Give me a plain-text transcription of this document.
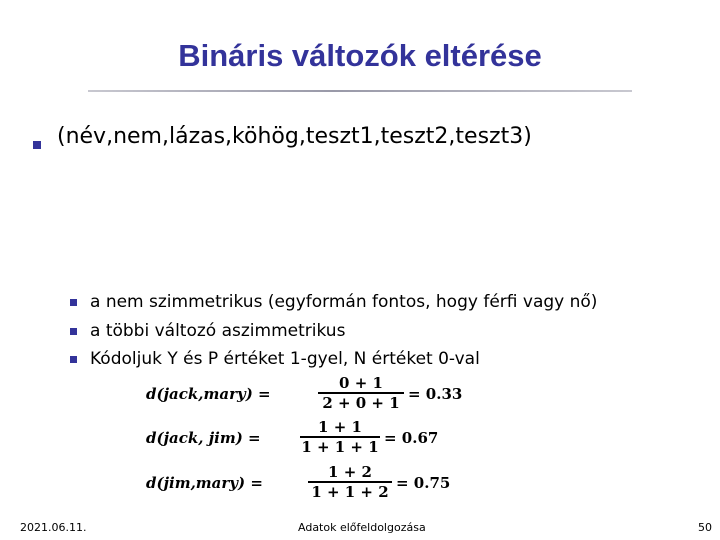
Bináris változók eltérése
(név,nem,lázas,köhög,teszt1,teszt2,teszt3)
a nem szimmetrikus (egyformán fontos, hogy férfi vagy nő)
a többi változó aszimmetrikus
Kódoljuk Y és P értéket 1-gyel, N értéket 0-val
d(jack,mary) =
0 + 1
2 + 0 + 1 = 0.33
d(jack, jim) =
1 + 1
1 + 1 + 1 = 0.67
d(jim,mary) =
1 + 2
1 + 1 + 2 = 0.75
2021.06.11.	Adatok előfeldolgozása	50
